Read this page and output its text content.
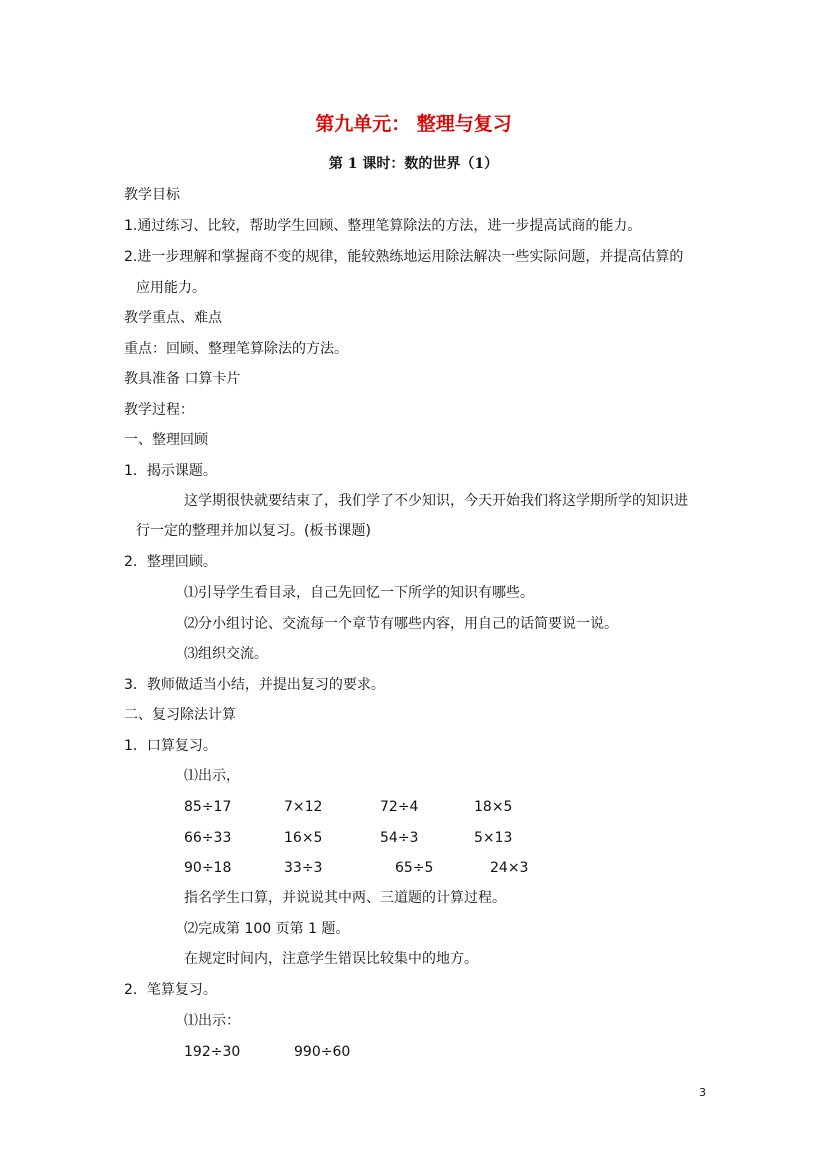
第九单元： 整理与复习
第 1 课时：数的世界（1）
教学目标
1.通过练习、比较，帮助学生回顾、整理笔算除法的方法，进一步提高试商的能力。
2.进一步理解和掌握商不变的规律，能较熟练地运用除法解决一些实际问题，并提高估算的
应用能力。
教学重点、难点
重点：回顾、整理笔算除法的方法。
教具准备 口算卡片
教学过程：
一、整理回顾
1．揭示课题。
这学期很快就要结束了，我们学了不少知识，今天开始我们将这学期所学的知识进
行一定的整理并加以复习。(板书课题)
2．整理回顾。
⑴引导学生看目录，自己先回忆一下所学的知识有哪些。
⑵分小组讨论、交流每一个章节有哪些内容，用自己的话简要说一说。
⑶组织交流。
3．教师做适当小结，并提出复习的要求。
二、复习除法计算
1．口算复习。
⑴出示，
85÷17	7×12	72÷4	18×5
66÷33	16×5	54÷3	5×13
90÷18	33÷3	65÷5	24×3
指名学生口算，并说说其中两、三道题的计算过程。
⑵完成第 100 页第 1 题。
在规定时间内，注意学生错误比较集中的地方。
2．笔算复习。
⑴出示：
192÷30	990÷60
3
